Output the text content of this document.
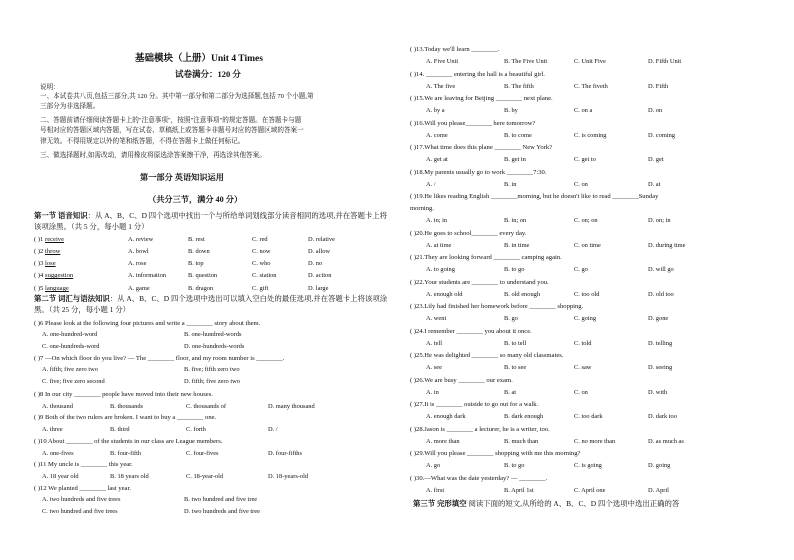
基础模块（上册）Unit 4 Times
试卷满分：120 分
说明：
一、本试卷共八页,包括三部分,共 120 分。其中第一部分和第二部分为选择题,包括 70 个小题,第
三部分为非选择题。
二、答题前请仔细阅读答题卡上的"注意事项"，按照"注意事项"的规定答题。在答题卡与题
号相对应的答题区域内答题，写在试卷、草稿纸上或答题卡非题号对应的答题区域的答案一
律无效。不得用规定以外的笔和纸答题，不得在答题卡上做任何标记。
三、做选择题时,如需改动，请用橡皮将原选涂答案擦干净，再选涂其他答案。
第一部分 英语知识运用
（共分三节，满分 40 分）
第一节 语音知识：从 A、B、C、D 四个选项中找出一个与所给单词划线部分读音相同的选项,并在答题卡上将该项涂黑。（共 5 分，每小题 1 分）
( )1 receive	A. review	B. rest	C. red	D. relative
( )2 throw	A. bowl	B. down	C. now	D. allow
( )3 lose	A. rose	B. top	C. who	D. no
( )4 suggestion	A. information	B. question	C. station	D. action
( )5 language	A. game	B. dragon	C. gift	D. large
第二节 词汇与语法知识：从 A、B、C、D 四个选项中选出可以填入空白处的最佳选项,并在答题卡上将该项涂黑。（共 25 分，每小题 1 分）
( )6 Please look at the following four pictures and write a ________ story about them.
A. one-hundred-word	B. one-hundred-words
C. one-hundreds-word	D. one-hundreds-words
( )7 —On which floor do you live? — The ________ floor, and my room number is ________.
A. fifth; five zero two	B. five; fifth zero two
C. five; five zero second	D. fifth; five zero two
( )8 In our city ________ people have moved into their new houses.
A. thousand	B. thousands	C. thousands of	D. many thousand
( )9 Both of the two rulers are broken. I want to buy a ________ one.
A. three	B. third	C. forth	D. /
( )10 About ________ of the students in our class are League members.
A. one-fives	B. four-fifth	C. four-fives	D. four-fifths
( )11 My uncle is ________ this year.
A. 18 year old	B. 18 years old	C. 18-year-old	D. 18-years-old
( )12 We planted ________ last year.
A. two hundreds and five trees	B. two hundred and five tree
C. two hundred and five trees	D. two hundreds and five tree
( )13.Today we'll learn ________.
A. Five Unit	B. The Five Unit	C. Unit Five	D. Fifth Unit
( )14. ________ entering the hall is a beautiful girl.
A. The five	B. The fifth	C. The fiveth	D. Fifth
( )15.We are leaving for Beijing ________ next plane.
A. by a	B. by	C. on a	D. on
( )16.Will you please________ here tomorrow?
A. come	B. to come	C. is coming	D. coming
( )17.What time does this plane ________ New York?
A. get at	B. get in	C. get to	D. get
( )18.My parents usually go to work ________7:30.
A. /	B. in	C. on	D. at
( )19.He likes reading English ________morning, but he doesn't like to read ________Sunday
morning.
A. in; in	B. in; on	C. on; on	D. on; in
( )20.He goes to school________ every day.
A. at time	B. in time	C. on time	D. during time
( )21.They are looking forward ________ camping again.
A. to going	B. to go	C. go	D. will go
( )22.Your students are ________ to understand you.
A. enough old	B. old enough	C. too old	D. old too
( )23.Lily had finished her homework before ________ shopping.
A. went	B. go	C. going	D. gone
( )24.I remember ________ you about it once.
A. tell	B. to tell	C. told	D. telling
( )25.He was delighted ________ so many old classmates.
A. see	B. to see	C. saw	D. seeing
( )26.We are busy ________ our exam.
A. in	B. at	C. on	D. with
( )27.It is ________ outside to go out for a walk.
A. enough dark	B. dark enough	C. too dark	D. dark too
( )28.Jason is ________ a lecturer, he is a writer, too.
A. more than	B. much than	C. no more than	D. as much as
( )29.Will you please ________ shopping with me this morning?
A. go	B. to go	C. is going	D. going
( )30.—What was the date yesterday? — ________.
A. first	B. April 1st	C. April one	D. April
第三节 完形填空 阅读下面的短文,从所给的 A、B、C、D 四个选项中选出正确的答
